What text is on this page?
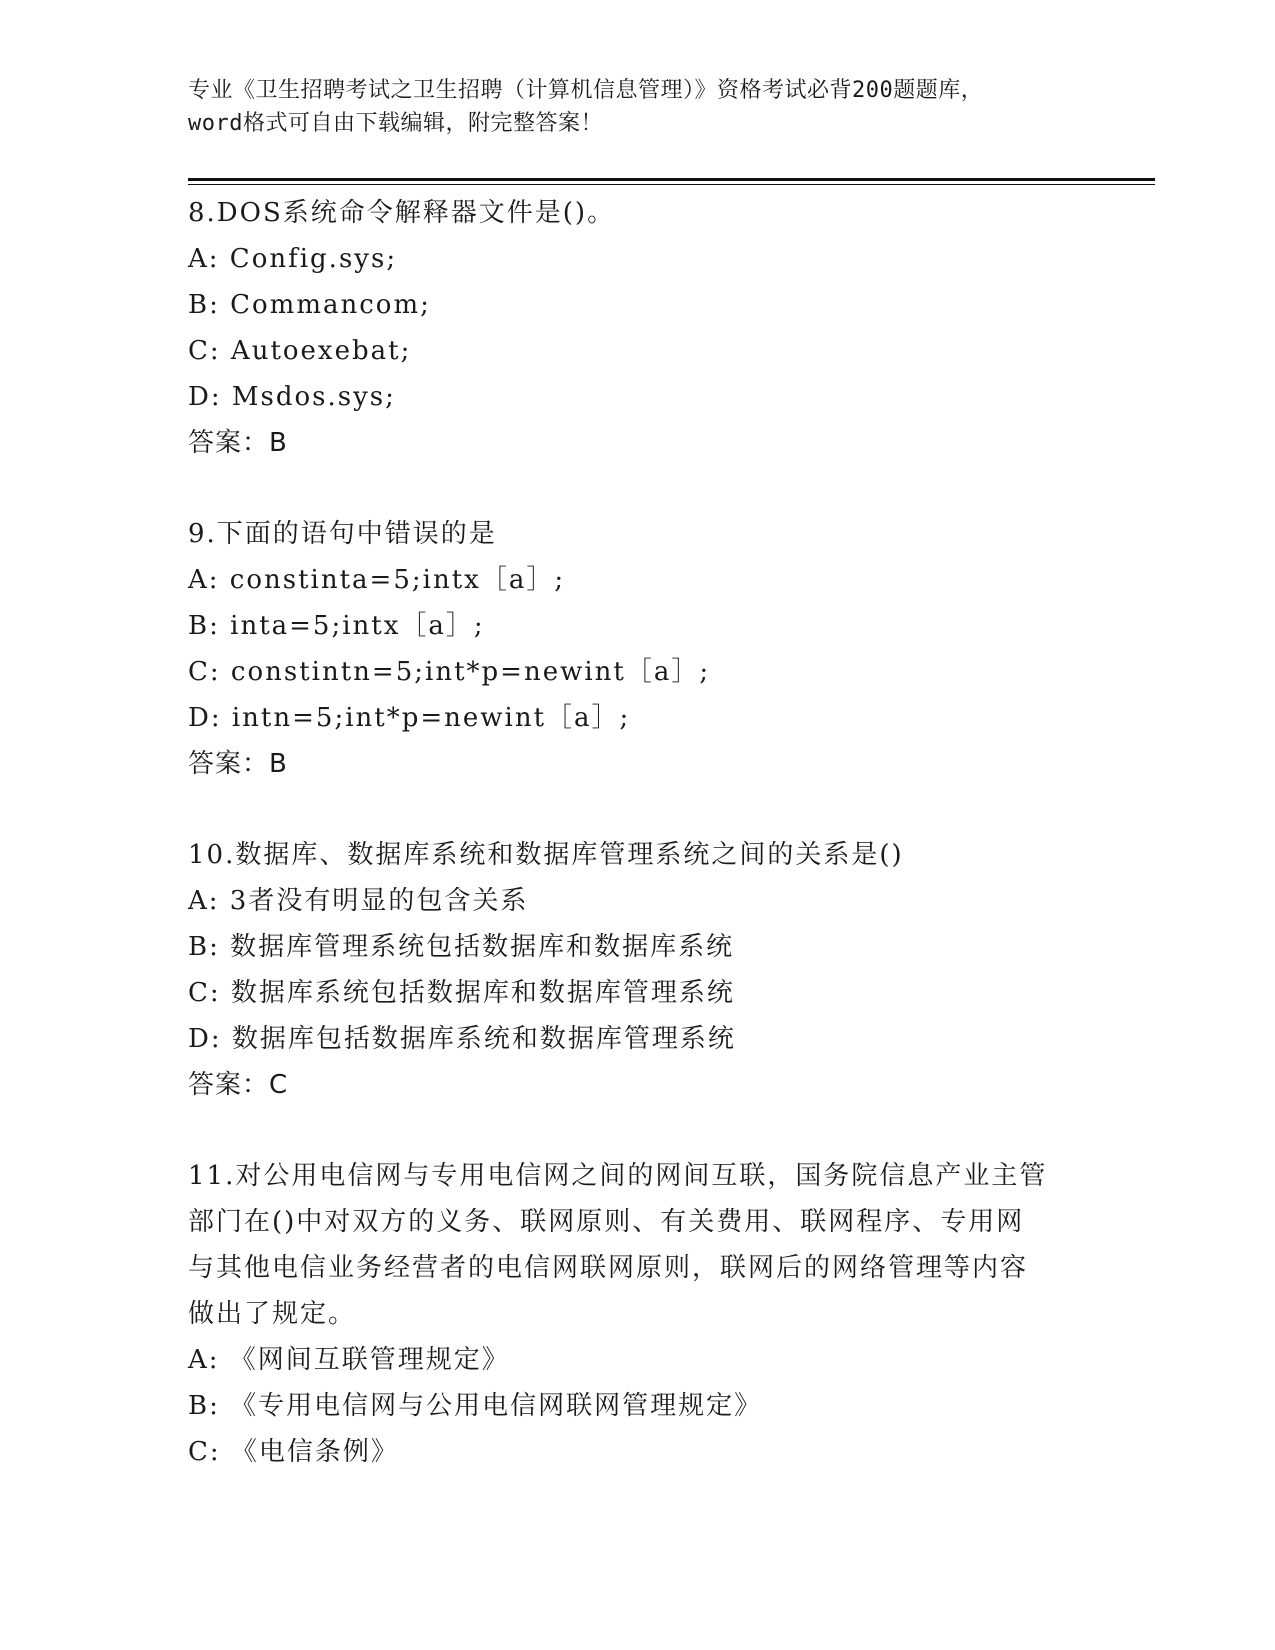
专业《卫生招聘考试之卫生招聘（计算机信息管理）》资格考试必背200题题库，
word格式可自由下载编辑，附完整答案！
8.DOS系统命令解释器文件是()。
A: Config.sys;
B: Commancom;
C: Autoexebat;
D: Msdos.sys;
答案：B
9.下面的语句中错误的是
A: constinta=5;intx［a］;
B: inta=5;intx［a］;
C: constintn=5;int*p=newint［a］;
D: intn=5;int*p=newint［a］;
答案：B
10.数据库、数据库系统和数据库管理系统之间的关系是()
A: 3者没有明显的包含关系
B: 数据库管理系统包括数据库和数据库系统
C: 数据库系统包括数据库和数据库管理系统
D: 数据库包括数据库系统和数据库管理系统
答案：C
11.对公用电信网与专用电信网之间的网间互联，国务院信息产业主管
部门在()中对双方的义务、联网原则、有关费用、联网程序、专用网
与其他电信业务经营者的电信网联网原则，联网后的网络管理等内容
做出了规定。
A: 《网间互联管理规定》
B: 《专用电信网与公用电信网联网管理规定》
C: 《电信条例》
